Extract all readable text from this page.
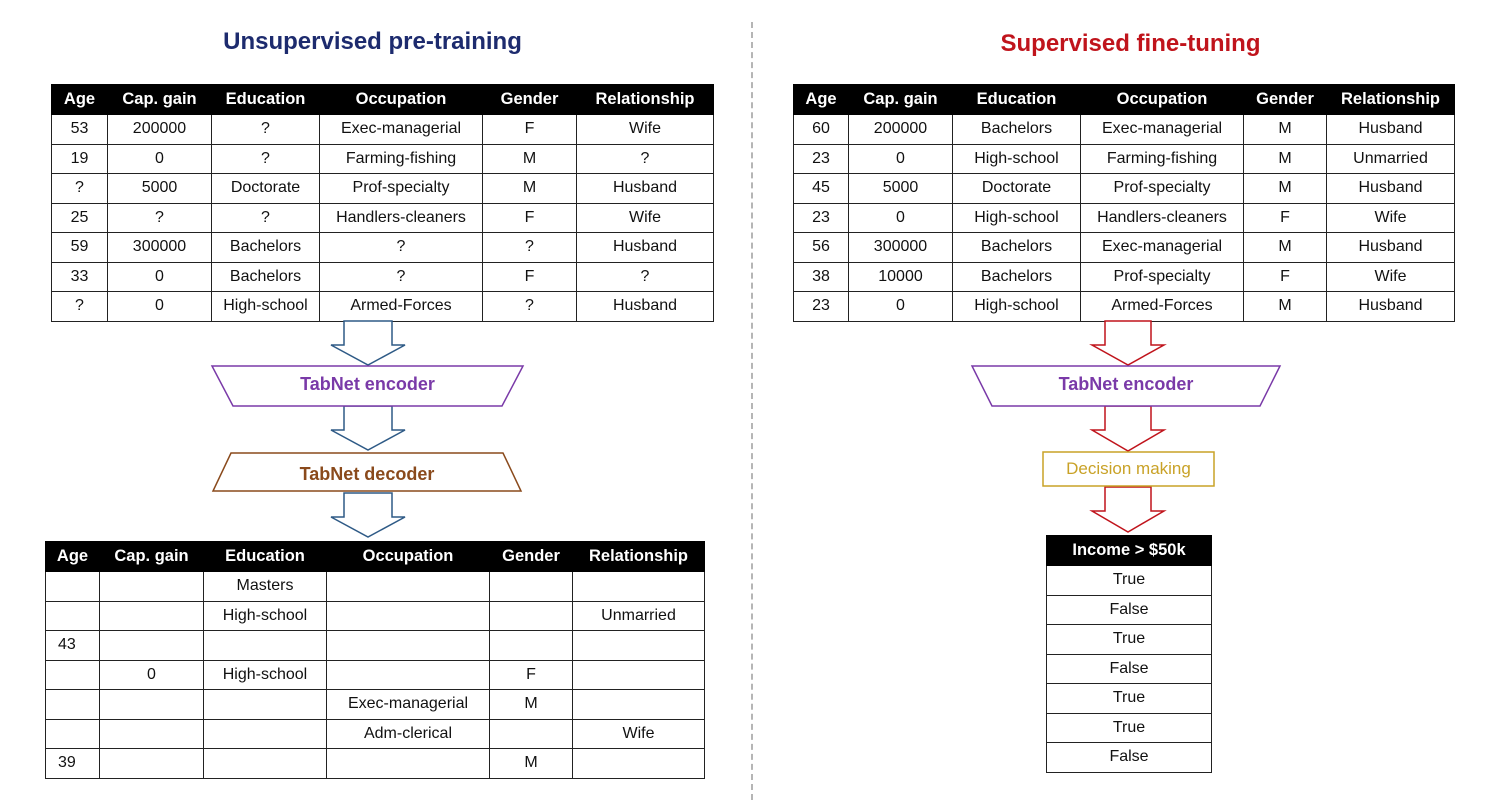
Unsupervised pre-training	Supervised fine-tuning
Age	Cap. gain	Education	Occupation	Gender	Relationship
53	200000	?	Exec-managerial	F	Wife
19	0	?	Farming-fishing	M	?
?	5000	Doctorate	Prof-specialty	M	Husband
25	?	?	Handlers-cleaners	F	Wife
59	300000	Bachelors	?	?	Husband
33	0	Bachelors	?	F	?
?	0	High-school	Armed-Forces	?	Husband
Age	Cap. gain	Education	Occupation	Gender	Relationship
		Masters			
		High-school			Unmarried
43					
	0	High-school		F	
			Exec-managerial	M	
			Adm-clerical		Wife
39				M	
Age	Cap. gain	Education	Occupation	Gender	Relationship
60	200000	Bachelors	Exec-managerial	M	Husband
23	0	High-school	Farming-fishing	M	Unmarried
45	5000	Doctorate	Prof-specialty	M	Husband
23	0	High-school	Handlers-cleaners	F	Wife
56	300000	Bachelors	Exec-managerial	M	Husband
38	10000	Bachelors	Prof-specialty	F	Wife
23	0	High-school	Armed-Forces	M	Husband
Income > $50k
True
False
True
False
True
True
False
TabNet encoder
TabNet decoder
TabNet encoder
Decision making
